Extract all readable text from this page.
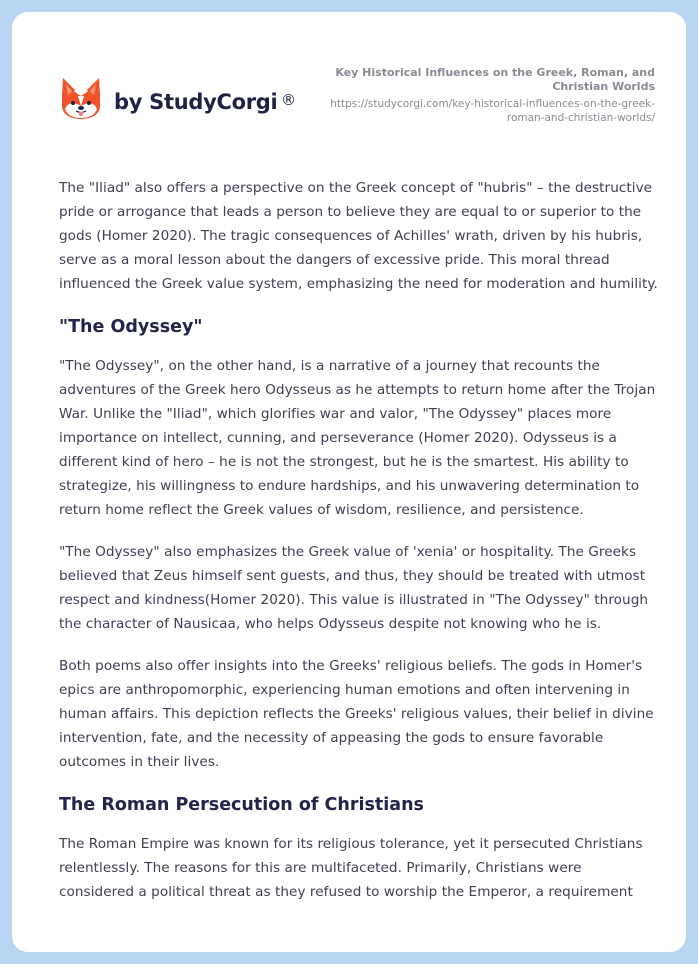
by StudyCorgi ®
Key Historical Influences on the Greek, Roman, and Christian Worlds
https://studycorgi.com/key-historical-influences-on-the-greek-roman-and-christian-worlds/

The "Iliad" also offers a perspective on the Greek concept of "hubris" – the destructive pride or arrogance that leads a person to believe they are equal to or superior to the gods (Homer 2020). The tragic consequences of Achilles' wrath, driven by his hubris, serve as a moral lesson about the dangers of excessive pride. This moral thread influenced the Greek value system, emphasizing the need for moderation and humility.

"The Odyssey"

"The Odyssey", on the other hand, is a narrative of a journey that recounts the adventures of the Greek hero Odysseus as he attempts to return home after the Trojan War. Unlike the "Iliad", which glorifies war and valor, "The Odyssey" places more importance on intellect, cunning, and perseverance (Homer 2020). Odysseus is a different kind of hero – he is not the strongest, but he is the smartest. His ability to strategize, his willingness to endure hardships, and his unwavering determination to return home reflect the Greek values of wisdom, resilience, and persistence.

"The Odyssey" also emphasizes the Greek value of 'xenia' or hospitality. The Greeks believed that Zeus himself sent guests, and thus, they should be treated with utmost respect and kindness(Homer 2020). This value is illustrated in "The Odyssey" through the character of Nausicaa, who helps Odysseus despite not knowing who he is.

Both poems also offer insights into the Greeks' religious beliefs. The gods in Homer's epics are anthropomorphic, experiencing human emotions and often intervening in human affairs. This depiction reflects the Greeks' religious values, their belief in divine intervention, fate, and the necessity of appeasing the gods to ensure favorable outcomes in their lives.

The Roman Persecution of Christians

The Roman Empire was known for its religious tolerance, yet it persecuted Christians relentlessly. The reasons for this are multifaceted. Primarily, Christians were considered a political threat as they refused to worship the Emperor, a requirement
